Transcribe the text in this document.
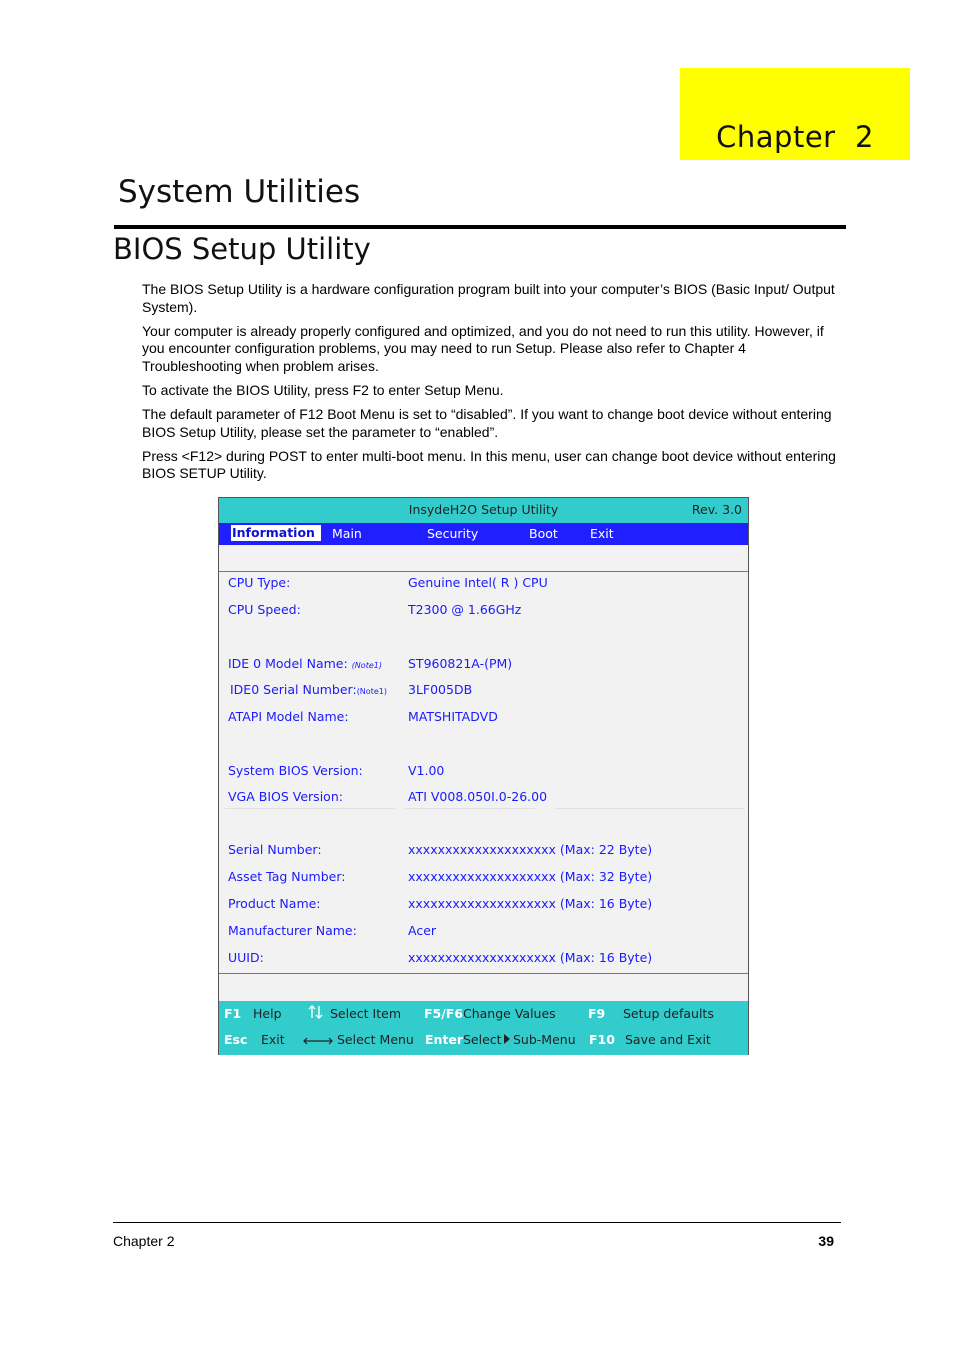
Chapter  2
System Utilities
BIOS Setup Utility

The BIOS Setup Utility is a hardware configuration program built into your computer’s BIOS (Basic Input/ Output System).

Your computer is already properly configured and optimized, and you do not need to run this utility. However, if you encounter configuration problems, you may need to run Setup. Please also refer to Chapter 4 Troubleshooting when problem arises.

To activate the BIOS Utility, press F2 to enter Setup Menu.

The default parameter of F12 Boot Menu is set to “disabled”. If you want to change boot device without entering BIOS Setup Utility, please set the parameter to “enabled”.

Press <F12> during POST to enter multi-boot menu. In this menu, user can change boot device without entering BIOS SETUP Utility.

InsydeH2O Setup Utility	Rev. 3.0
Information	Main	Security	Boot	Exit
CPU Type:	Genuine Intel( R ) CPU
CPU Speed:	T2300 @ 1.66GHz
IDE 0 Model Name: (Note1) ST960821A-(PM)
IDE0 Serial Number:(Note1) 3LF005DB
ATAPI Model Name:	MATSHITADVD
System BIOS Version:	V1.00
VGA BIOS Version:	ATI V008.050I.0-26.00
Serial Number:	xxxxxxxxxxxxxxxxxxxx (Max: 22 Byte)
Asset Tag Number:	xxxxxxxxxxxxxxxxxxxx (Max: 32 Byte)
Product Name:	xxxxxxxxxxxxxxxxxxxx (Max: 16 Byte)
Manufacturer Name:	Acer
UUID:	xxxxxxxxxxxxxxxxxxxx (Max: 16 Byte)
F1 Help	Select Item F5/F6 Change Values	F9 Setup defaults
Esc Exit	Select Menu Enter Select Sub-Menu F10 Save and Exit
Chapter 2	39
